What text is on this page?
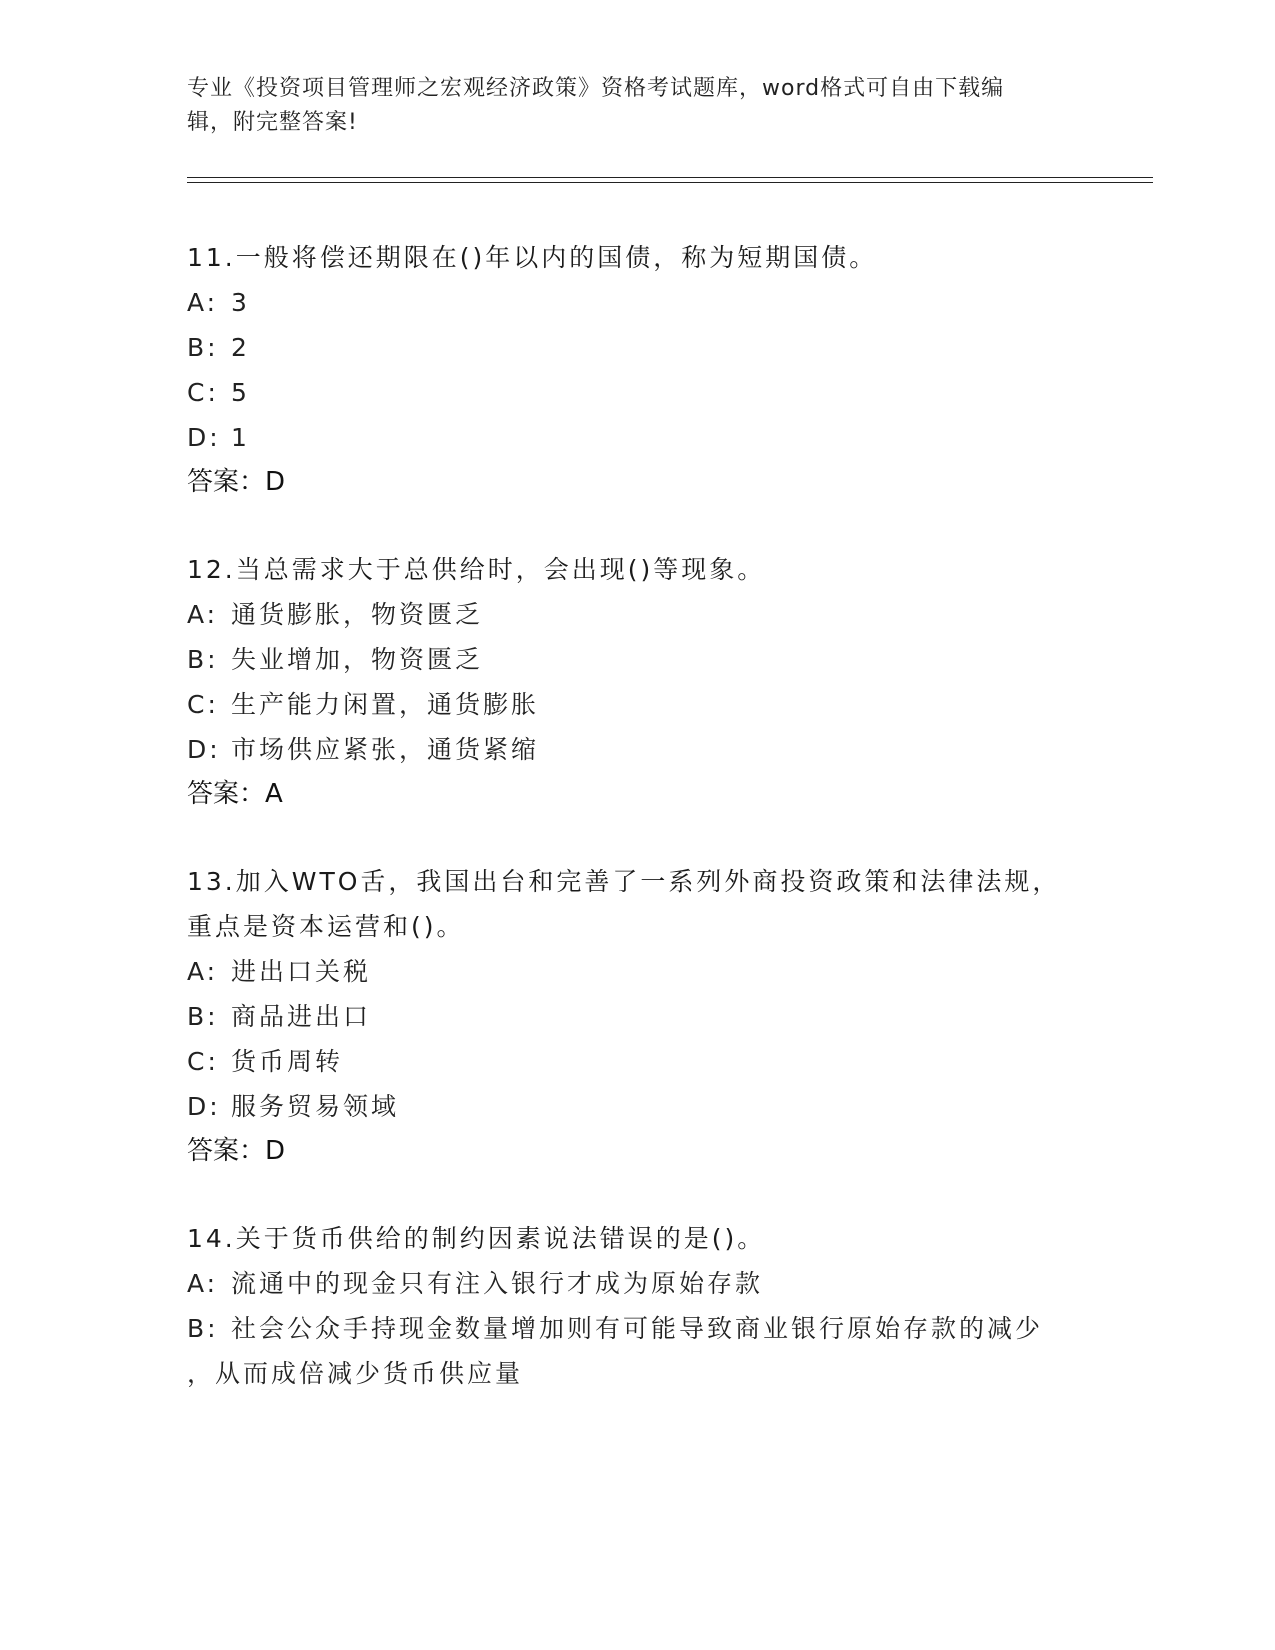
专业《投资项目管理师之宏观经济政策》资格考试题库，word格式可自由下载编
辑，附完整答案!
11.一般将偿还期限在()年以内的国债，称为短期国债。
A: 3
B: 2
C: 5
D: 1
答案：D
12.当总需求大于总供给时，会出现()等现象。
A: 通货膨胀，物资匮乏
B: 失业增加，物资匮乏
C: 生产能力闲置，通货膨胀
D: 市场供应紧张，通货紧缩
答案：A
13.加入WTO舌，我国出台和完善了一系列外商投资政策和法律法规，
重点是资本运营和()。
A: 进出口关税
B: 商品进出口
C: 货币周转
D: 服务贸易领域
答案：D
14.关于货币供给的制约因素说法错误的是()。
A: 流通中的现金只有注入银行才成为原始存款
B: 社会公众手持现金数量增加则有可能导致商业银行原始存款的减少
，从而成倍减少货币供应量
